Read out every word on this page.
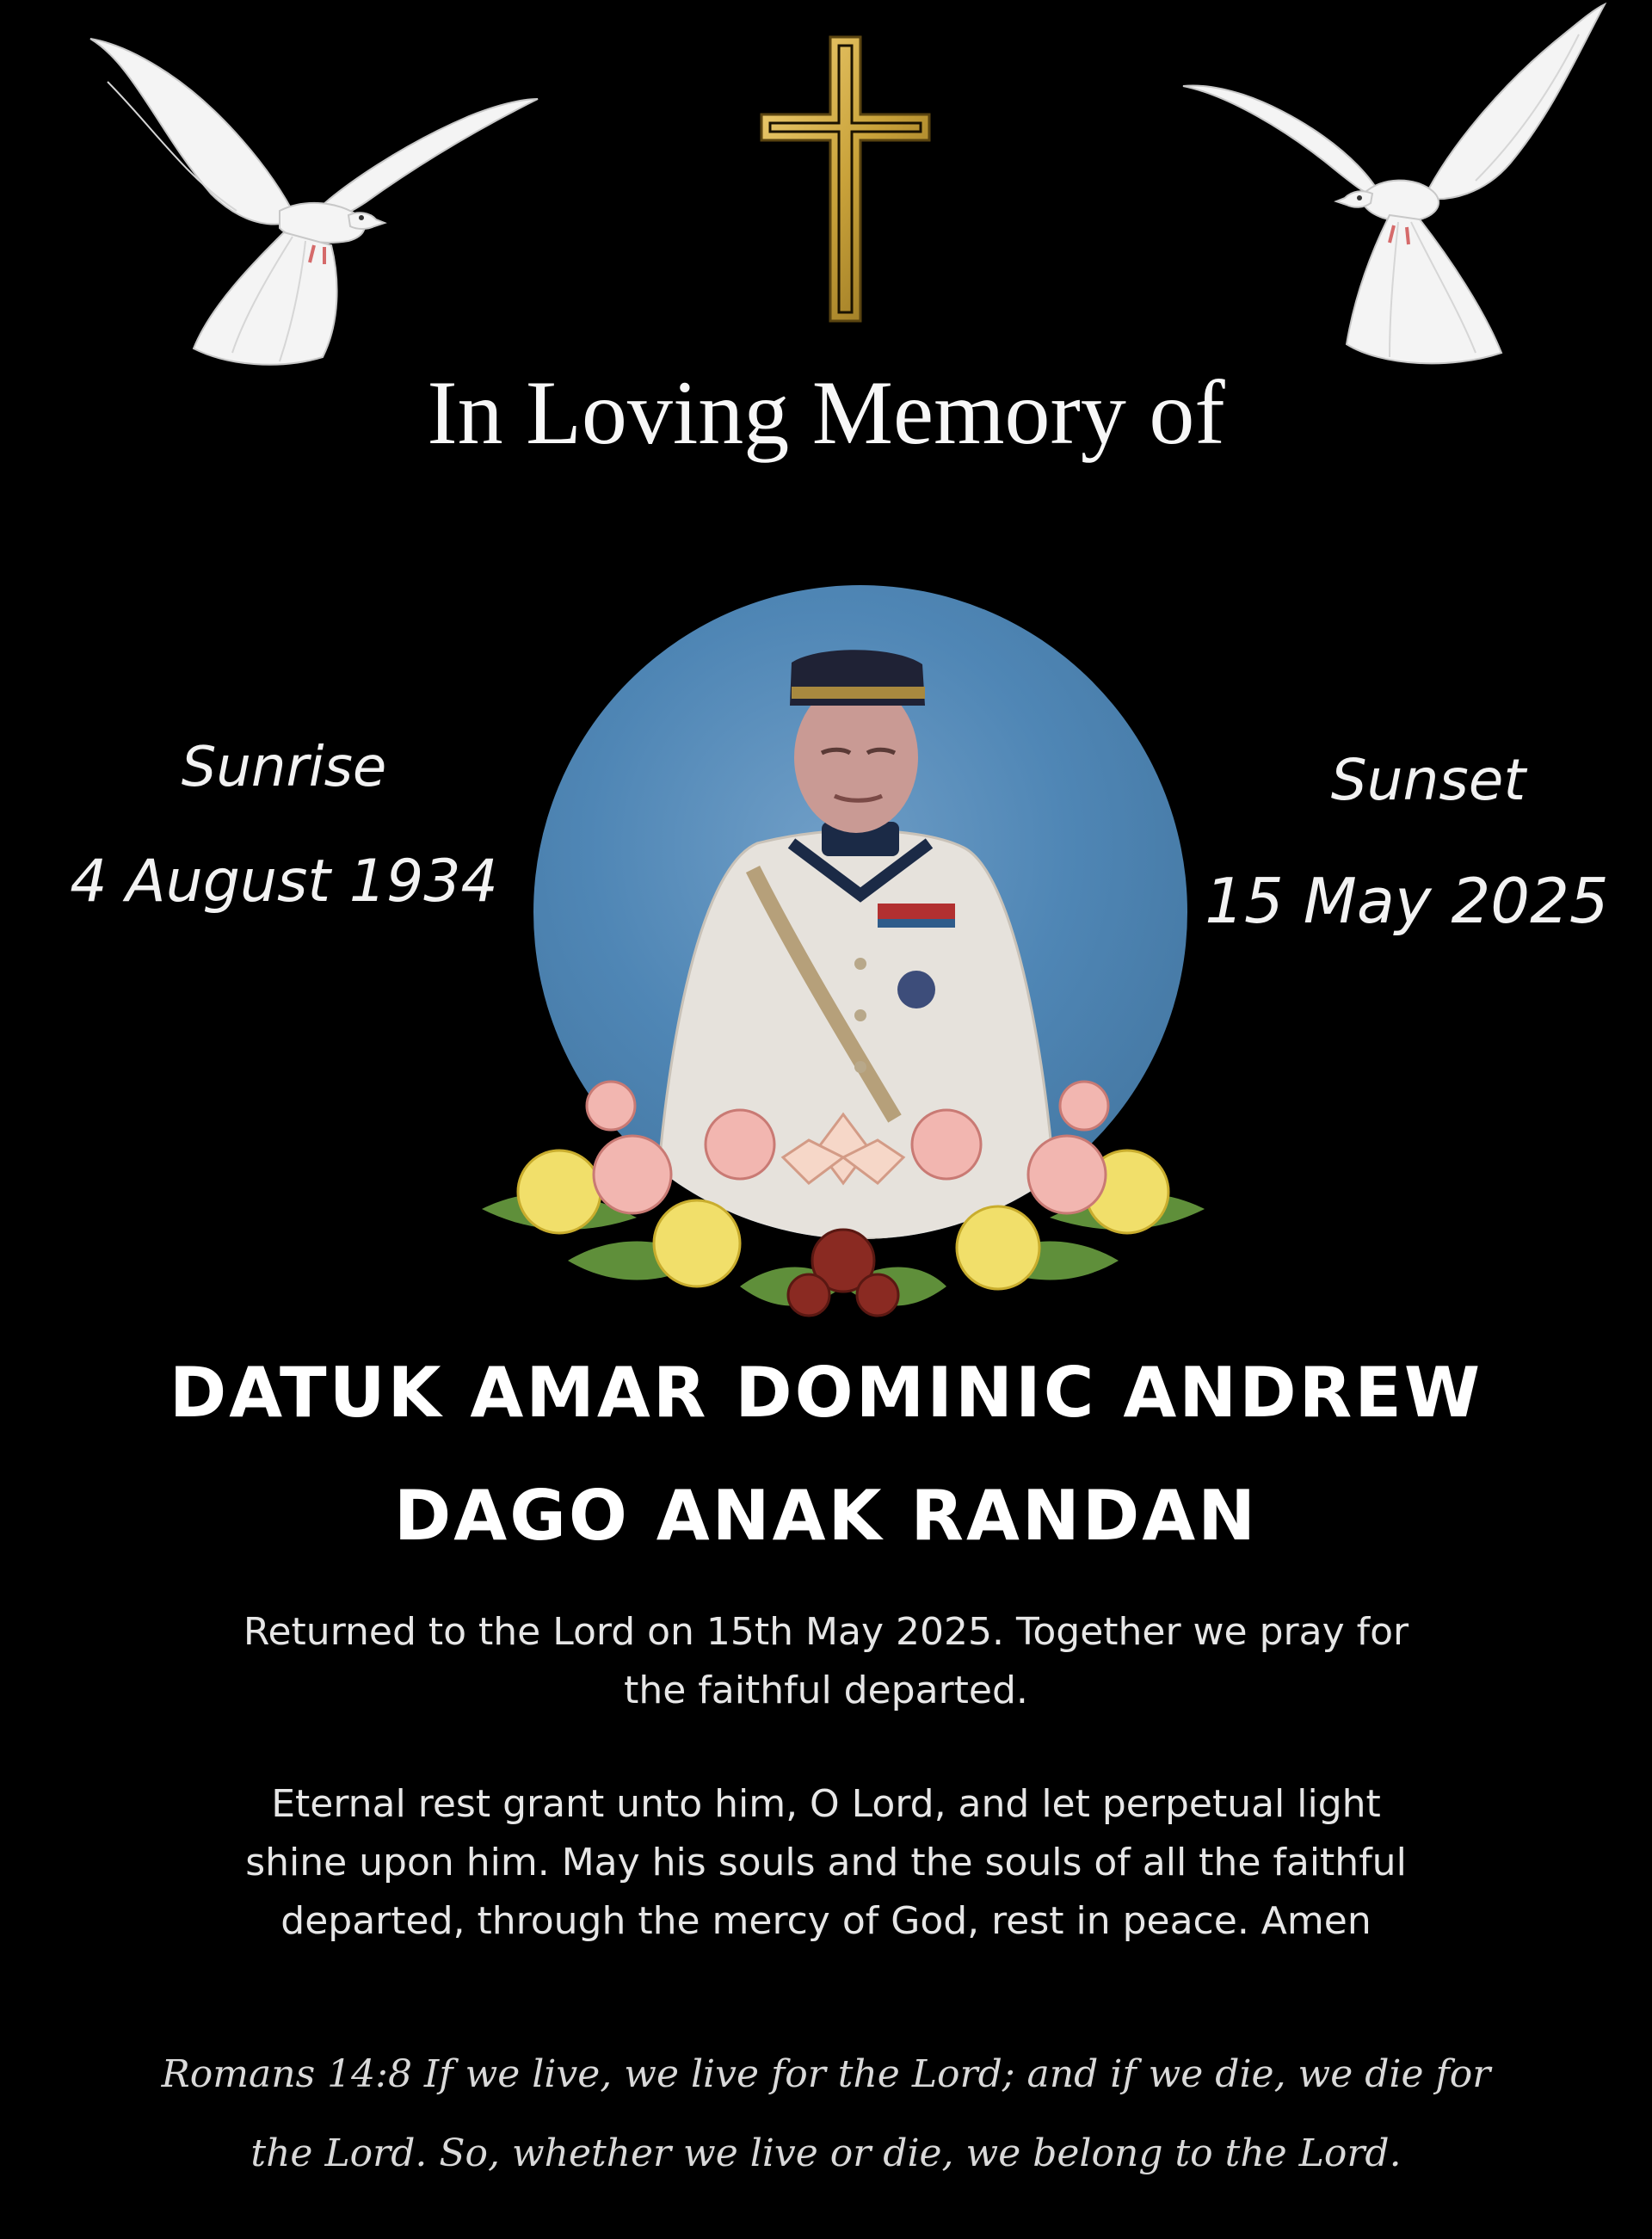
In Loving Memory of
Sunrise
4 August 1934
Sunset
15 May 2025
DATUK AMAR DOMINIC ANDREW
DAGO ANAK RANDAN
Returned to the Lord on 15th May 2025. Together we pray for
the faithful departed.
Eternal rest grant unto him, O Lord, and let perpetual light
shine upon him. May his souls and the souls of all the faithful
departed, through the mercy of God, rest in peace. Amen
Romans 14:8 If we live, we live for the Lord; and if we die, we die for
the Lord. So, whether we live or die, we belong to the Lord.
